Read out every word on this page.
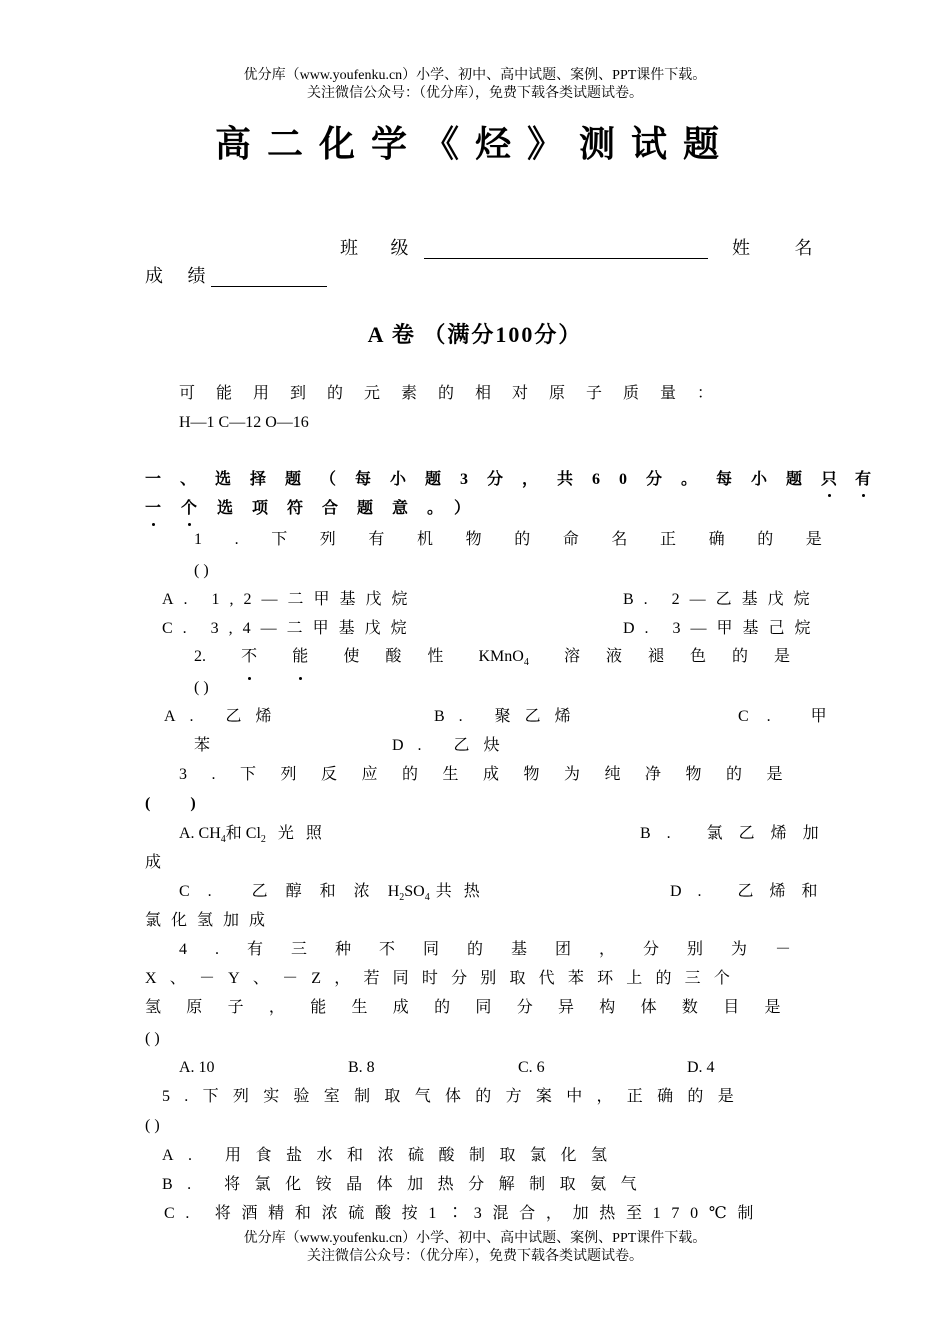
优分库（www.youfenku.cn）小学、初中、高中试题、案例、PPT课件下载。
关注微信公众号：（优分库），免费下载各类试题试卷。
高二化学《烃》测试题
班 级	姓 名
成 绩
A 卷 （满分100分）
可能用到的元素的相对原子质量：
H—1 C—12 O—16
一、选择题（每小题3分，共60分。每小题 只 有
一 个 选项符合题意。）
1.下列有机物的命名正确的是
( )
A. 1,2—二甲基戊烷	B. 2—乙基戊烷
C. 3,4—二甲基戊烷	D. 3—甲基己烷
2. 不 能 使酸性 KMnO$_4$ 溶液褪色的是
( )
A. 乙烯	B. 聚乙烯	C. 甲
苯	D. 乙炔
3.下列反应的生成物为纯净物的是
(          )
A. $CH_4$和 $Cl_2$ 光照	B. 氯乙烯加
成
C. 乙醇和浓$H_2SO_4$ 共热	D. 乙烯和
氯化氢加成
4.有三种不同的基团，分别为－
X、－Y、－Z，若同时分别取代苯环上的三个
氢原子，能生成的同分异构体数目是
( )
A. 10	B. 8	C. 6	D. 4
5.下列实验室制取气体的方案中，正确的是
( )
A. 用食盐水和浓硫酸制取氯化氢
B. 将氯化铵晶体加热分解制取氨气
C. 将酒精和浓硫酸按1∶3混合，加热至170℃制
优分库（www.youfenku.cn）小学、初中、高中试题、案例、PPT课件下载。
关注微信公众号：（优分库），免费下载各类试题试卷。
